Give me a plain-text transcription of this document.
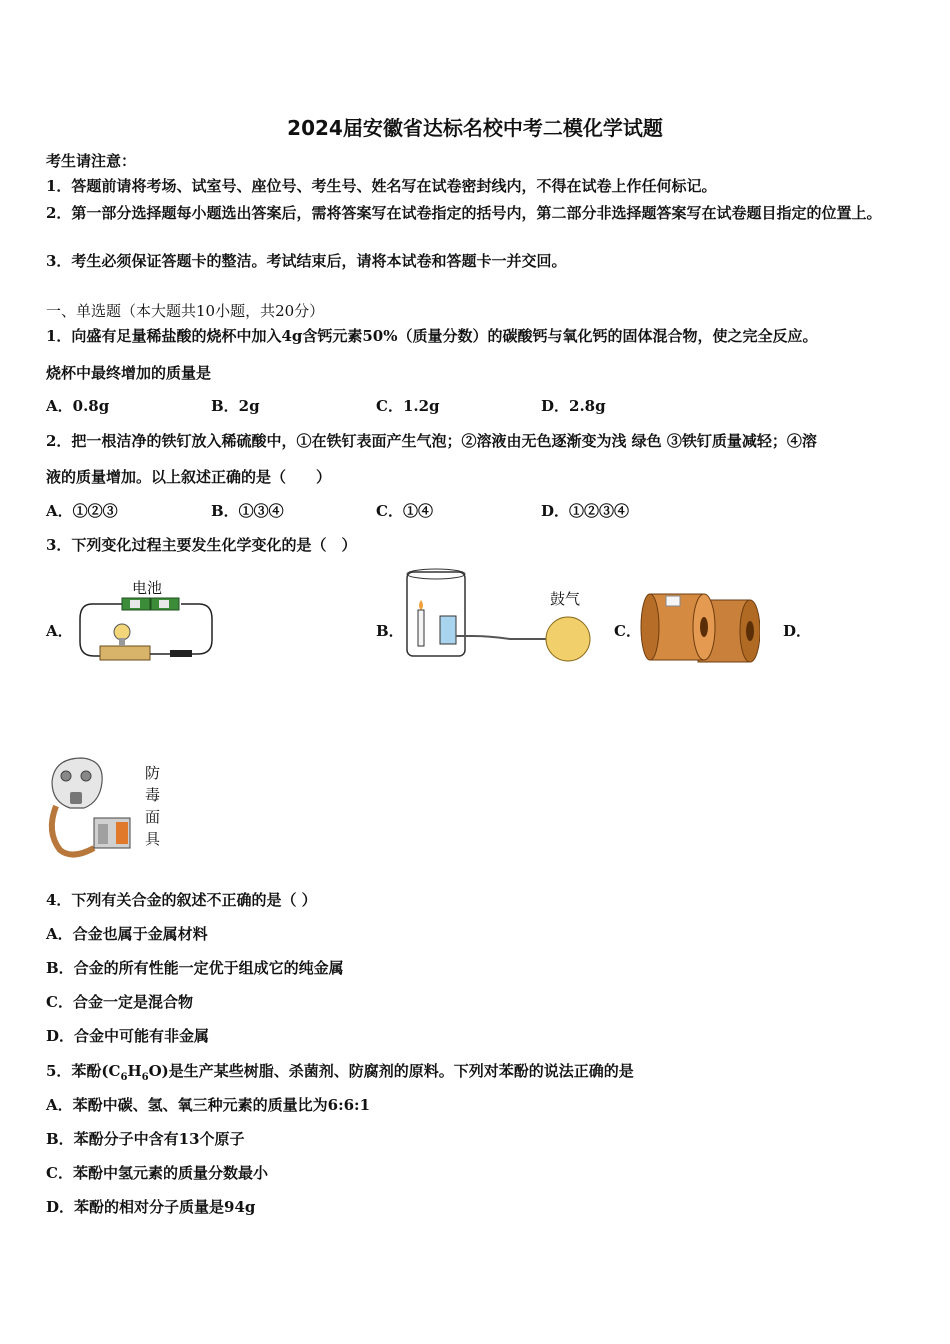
2024届安徽省达标名校中考二模化学试题
考生请注意：
1．答题前请将考场、试室号、座位号、考生号、姓名写在试卷密封线内，不得在试卷上作任何标记。
2．第一部分选择题每小题选出答案后，需将答案写在试卷指定的括号内，第二部分非选择题答案写在试卷题目指定的位置上。
3．考生必须保证答题卡的整洁。考试结束后，请将本试卷和答题卡一并交回。
一、单选题（本大题共10小题，共20分）
1．向盛有足量稀盐酸的烧杯中加入4g含钙元素50%（质量分数）的碳酸钙与氧化钙的固体混合物，使之完全反应。
烧杯中最终增加的质量是
A．0.8g	B．2g	C．1.2g	D．2.8g
2．把一根洁净的铁钉放入稀硫酸中，①在铁钉表面产生气泡；②溶液由无色逐渐变为浅 绿色 ③铁钉质量减轻；④溶
液的质量增加。以上叙述正确的是（　　）
A．①②③	B．①③④	C．①④	D．①②③④
3．下列变化过程主要发生化学变化的是（　）
A．
电池
B．
鼓气
C．	D．
防毒面具
4．下列有关合金的叙述不正确的是（ ）
A．合金也属于金属材料
B．合金的所有性能一定优于组成它的纯金属
C．合金一定是混合物
D．合金中可能有非金属
5．苯酚$(C_6H_6O)$是生产某些树脂、杀菌剂、防腐剂的原料。下列对苯酚的说法正确的是
A．苯酚中碳、氢、氧三种元素的质量比为6:6:1
B．苯酚分子中含有13个原子
C．苯酚中氢元素的质量分数最小
D．苯酚的相对分子质量是94g
